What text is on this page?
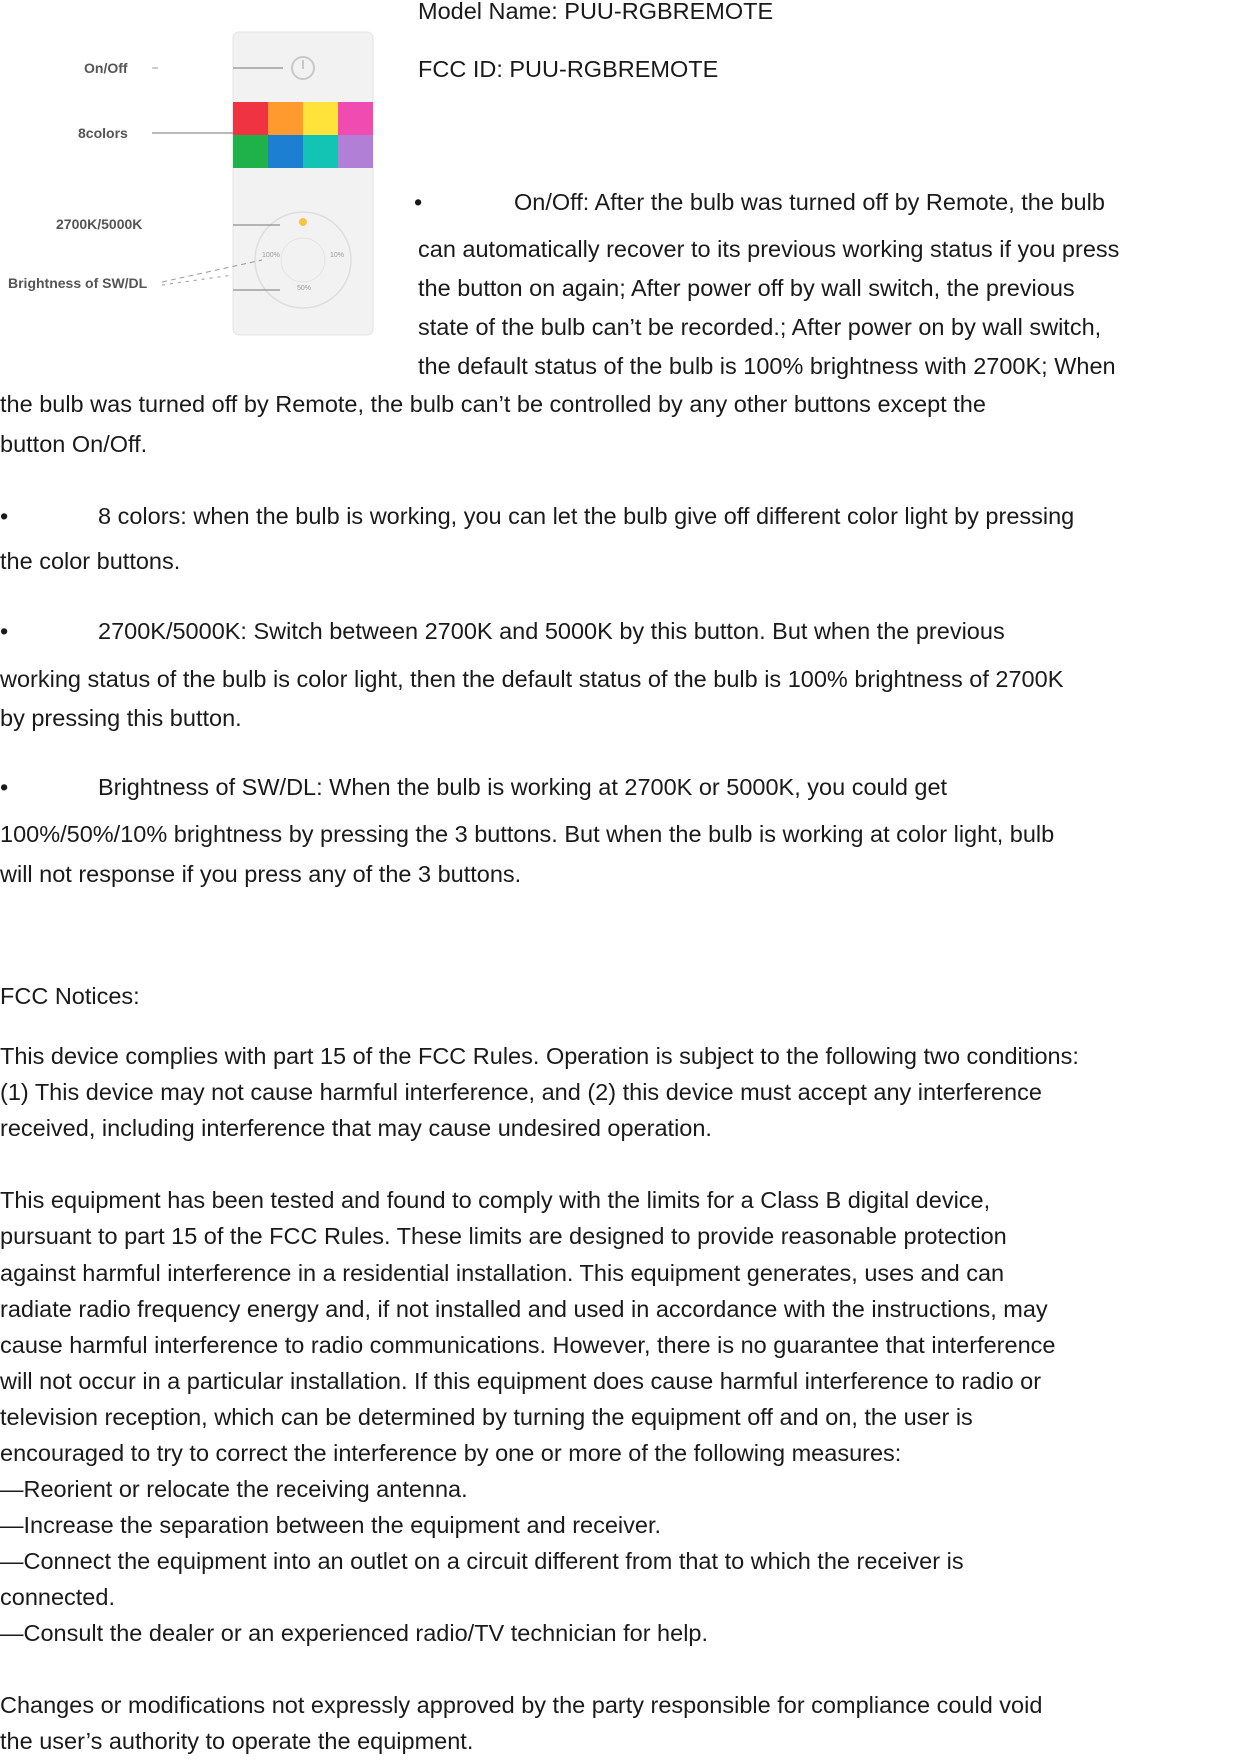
100%	10%
50%
On/Off
8colors
2700K/5000K
Brightness of SW/DL

Model Name: PUU-RGBREMOTE

FCC ID: PUU-RGBREMOTE

•	On/Off: After the bulb was turned off by Remote, the bulb

can automatically recover to its previous working status if you press

the button on again; After power off by wall switch, the previous

state of the bulb can’t be recorded.; After power on by wall switch,

the default status of the bulb is 100% brightness with 2700K; When

the bulb was turned off by Remote, the bulb can’t be controlled by any other buttons except the

button On/Off.

•	8 colors: when the bulb is working, you can let the bulb give off different color light by pressing

the color buttons.

•	2700K/5000K: Switch between 2700K and 5000K by this button. But when the previous

working status of the bulb is color light, then the default status of the bulb is 100% brightness of 2700K

by pressing this button.

•	Brightness of SW/DL: When the bulb is working at 2700K or 5000K, you could get

100%/50%/10% brightness by pressing the 3 buttons. But when the bulb is working at color light, bulb

will not response if you press any of the 3 buttons.

FCC Notices:

This device complies with part 15 of the FCC Rules. Operation is subject to the following two conditions:

(1) This device may not cause harmful interference, and (2) this device must accept any interference

received, including interference that may cause undesired operation.

This equipment has been tested and found to comply with the limits for a Class B digital device,

pursuant to part 15 of the FCC Rules. These limits are designed to provide reasonable protection

against harmful interference in a residential installation. This equipment generates, uses and can

radiate radio frequency energy and, if not installed and used in accordance with the instructions, may

cause harmful interference to radio communications. However, there is no guarantee that interference

will not occur in a particular installation. If this equipment does cause harmful interference to radio or

television reception, which can be determined by turning the equipment off and on, the user is

encouraged to try to correct the interference by one or more of the following measures:

—Reorient or relocate the receiving antenna.

—Increase the separation between the equipment and receiver.

—Connect the equipment into an outlet on a circuit different from that to which the receiver is

connected.

—Consult the dealer or an experienced radio/TV technician for help.

Changes or modifications not expressly approved by the party responsible for compliance could void

the user’s authority to operate the equipment.
